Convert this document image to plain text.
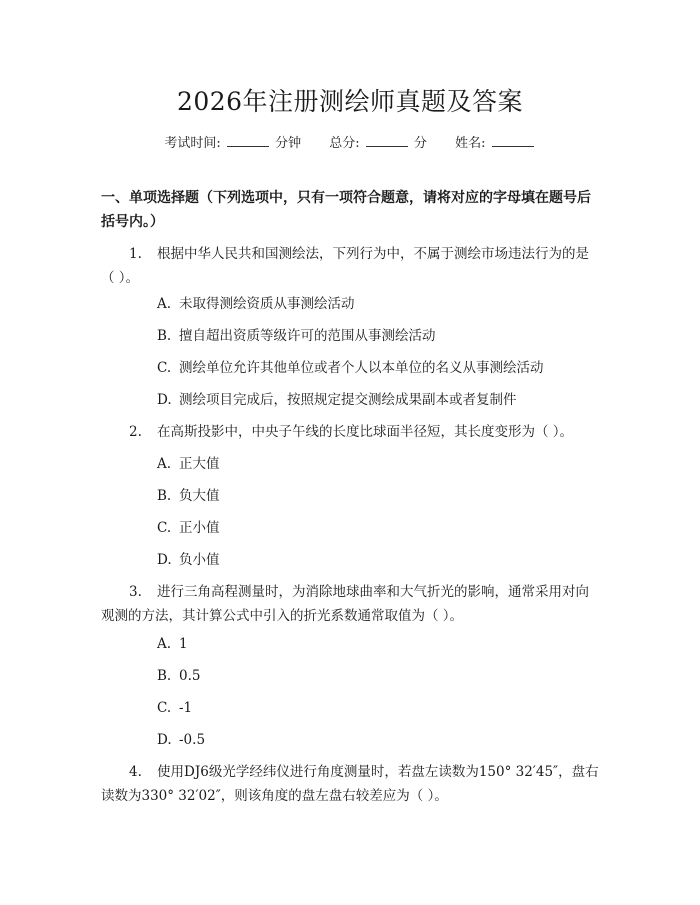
2026年注册测绘师真题及答案
考试时间:	分钟 总分:	分 姓名:
一、单项选择题（下列选项中，只有一项符合题意，请将对应的字母填在题号后括号内。）
1. 根据中华人民共和国测绘法，下列行为中，不属于测绘市场违法行为的是（ ）。
A. 未取得测绘资质从事测绘活动
B. 擅自超出资质等级许可的范围从事测绘活动
C. 测绘单位允许其他单位或者个人以本单位的名义从事测绘活动
D. 测绘项目完成后，按照规定提交测绘成果副本或者复制件
2. 在高斯投影中，中央子午线的长度比球面半径短，其长度变形为（ ）。
A. 正大值
B. 负大值
C. 正小值
D. 负小值
3. 进行三角高程测量时，为消除地球曲率和大气折光的影响，通常采用对向观测的方法，其计算公式中引入的折光系数通常取值为（ ）。
A. 1
B. 0.5
C. -1
D. -0.5
4. 使用DJ6级光学经纬仪进行角度测量时，若盘左读数为150° 32′45″，盘右读数为330° 32′02″，则该角度的盘左盘右较差应为（ ）。
